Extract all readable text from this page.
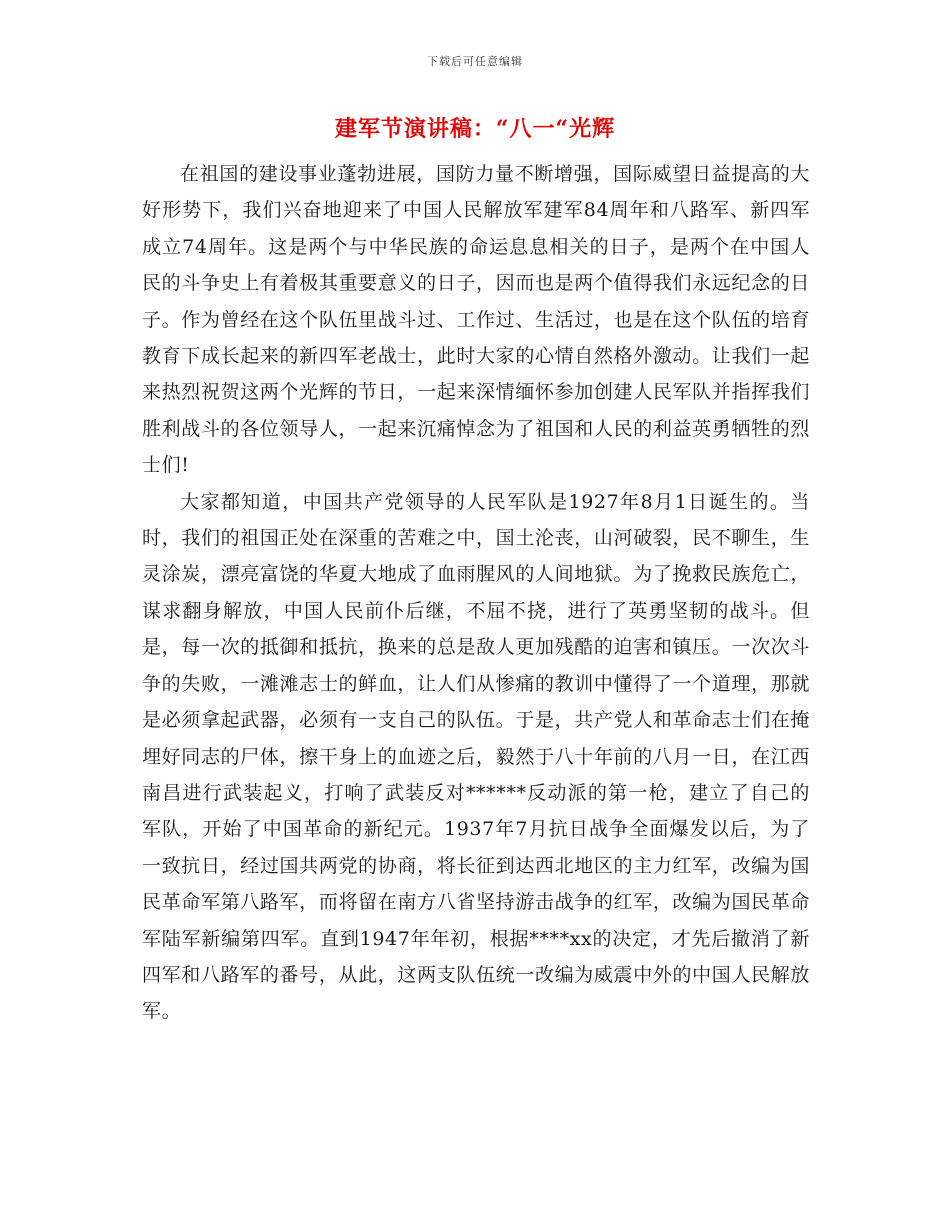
下载后可任意编辑
建军节演讲稿：“八一“光辉

在祖国的建设事业蓬勃进展，国防力量不断增强，国际威望日益提高的大好形势下，我们兴奋地迎来了中国人民解放军建军84周年和八路军、新四军成立74周年。这是两个与中华民族的命运息息相关的日子，是两个在中国人民的斗争史上有着极其重要意义的日子，因而也是两个值得我们永远纪念的日子。作为曾经在这个队伍里战斗过、工作过、生活过，也是在这个队伍的培育教育下成长起来的新四军老战士，此时大家的心情自然格外激动。让我们一起来热烈祝贺这两个光辉的节日，一起来深情缅怀参加创建人民军队并指挥我们胜利战斗的各位领导人，一起来沉痛悼念为了祖国和人民的利益英勇牺牲的烈士们!

大家都知道，中国共产党领导的人民军队是1927年8月1日诞生的。当时，我们的祖国正处在深重的苦难之中，国土沦丧，山河破裂，民不聊生，生灵涂炭，漂亮富饶的华夏大地成了血雨腥风的人间地狱。为了挽救民族危亡，谋求翻身解放，中国人民前仆后继，不屈不挠，进行了英勇坚韧的战斗。但是，每一次的抵御和抵抗，换来的总是敌人更加残酷的迫害和镇压。一次次斗争的失败，一滩滩志士的鲜血，让人们从惨痛的教训中懂得了一个道理，那就是必须拿起武器，必须有一支自己的队伍。于是，共产党人和革命志士们在掩埋好同志的尸体，擦干身上的血迹之后，毅然于八十年前的八月一日，在江西南昌进行武装起义，打响了武装反对******反动派的第一枪，建立了自己的军队，开始了中国革命的新纪元。1937年7月抗日战争全面爆发以后，为了一致抗日，经过国共两党的协商，将长征到达西北地区的主力红军，改编为国民革命军第八路军，而将留在南方八省坚持游击战争的红军，改编为国民革命军陆军新编第四军。直到1947年年初，根据****xx的决定，才先后撤消了新四军和八路军的番号，从此，这两支队伍统一改编为威震中外的中国人民解放军。
